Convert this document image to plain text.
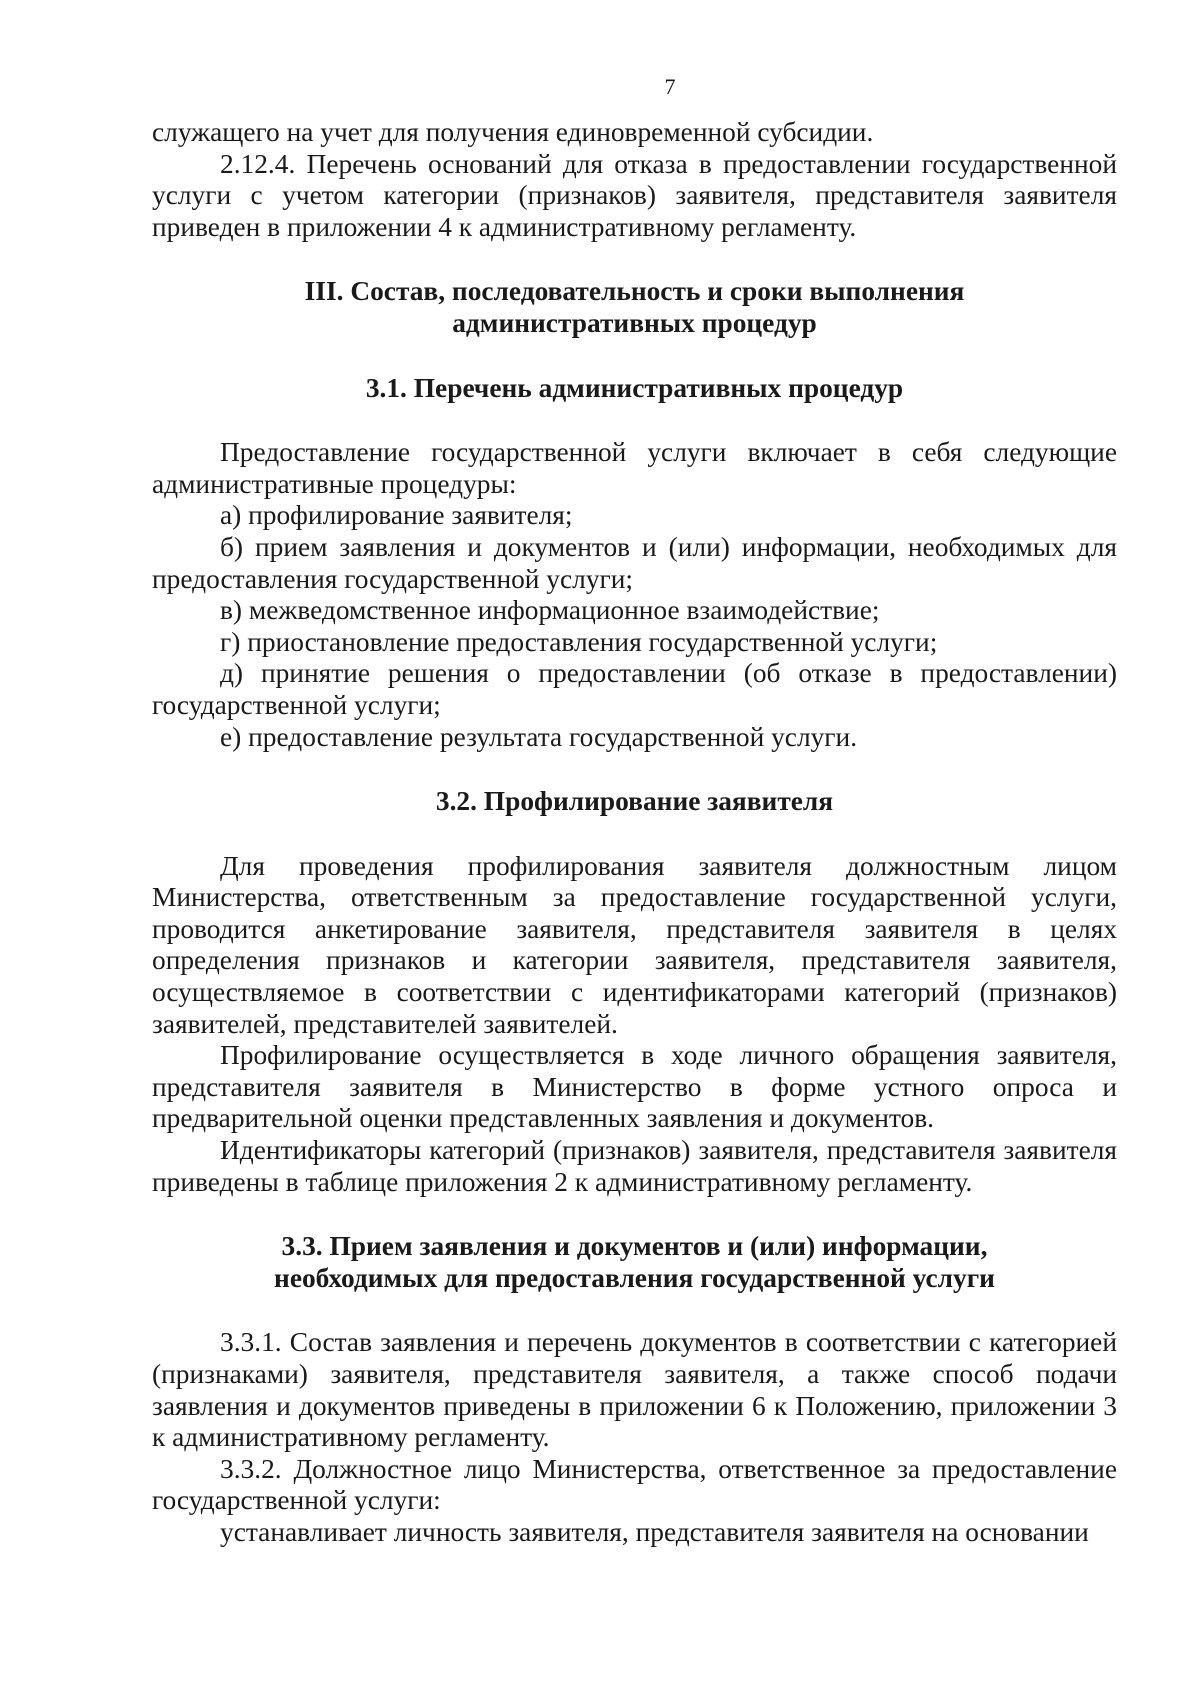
7

служащего на учет для получения единовременной субсидии.

2.12.4. Перечень оснований для отказа в предоставлении государственной услуги с учетом категории (признаков) заявителя, представителя заявителя приведен в приложении 4 к административному регламенту.

III. Состав, последовательность и сроки выполнения
административных процедур
3.1. Перечень административных процедур

Предоставление государственной услуги включает в себя следующие административные процедуры:

а) профилирование заявителя;

б) прием заявления и документов и (или) информации, необходимых для предоставления государственной услуги;

в) межведомственное информационное взаимодействие;

г) приостановление предоставления государственной услуги;

д) принятие решения о предоставлении (об отказе в предоставлении) государственной услуги;

е) предоставление результата государственной услуги.

3.2. Профилирование заявителя

Для проведения профилирования заявителя должностным лицом Министерства, ответственным за предоставление государственной услуги, проводится анкетирование заявителя, представителя заявителя в целях определения признаков и категории заявителя, представителя заявителя, осуществляемое в соответствии с идентификаторами категорий (признаков) заявителей, представителей заявителей.

Профилирование осуществляется в ходе личного обращения заявителя, представителя заявителя в Министерство в форме устного опроса и предварительной оценки представленных заявления и документов.

Идентификаторы категорий (признаков) заявителя, представителя заявителя приведены в таблице приложения 2 к административному регламенту.

3.3. Прием заявления и документов и (или) информации,
необходимых для предоставления государственной услуги

3.3.1. Состав заявления и перечень документов в соответствии с категорией (признаками) заявителя, представителя заявителя, а также способ подачи заявления и документов приведены в приложении 6 к Положению, приложении 3 к административному регламенту.

3.3.2. Должностное лицо Министерства, ответственное за предоставление государственной услуги:

устанавливает личность заявителя, представителя заявителя на основании
